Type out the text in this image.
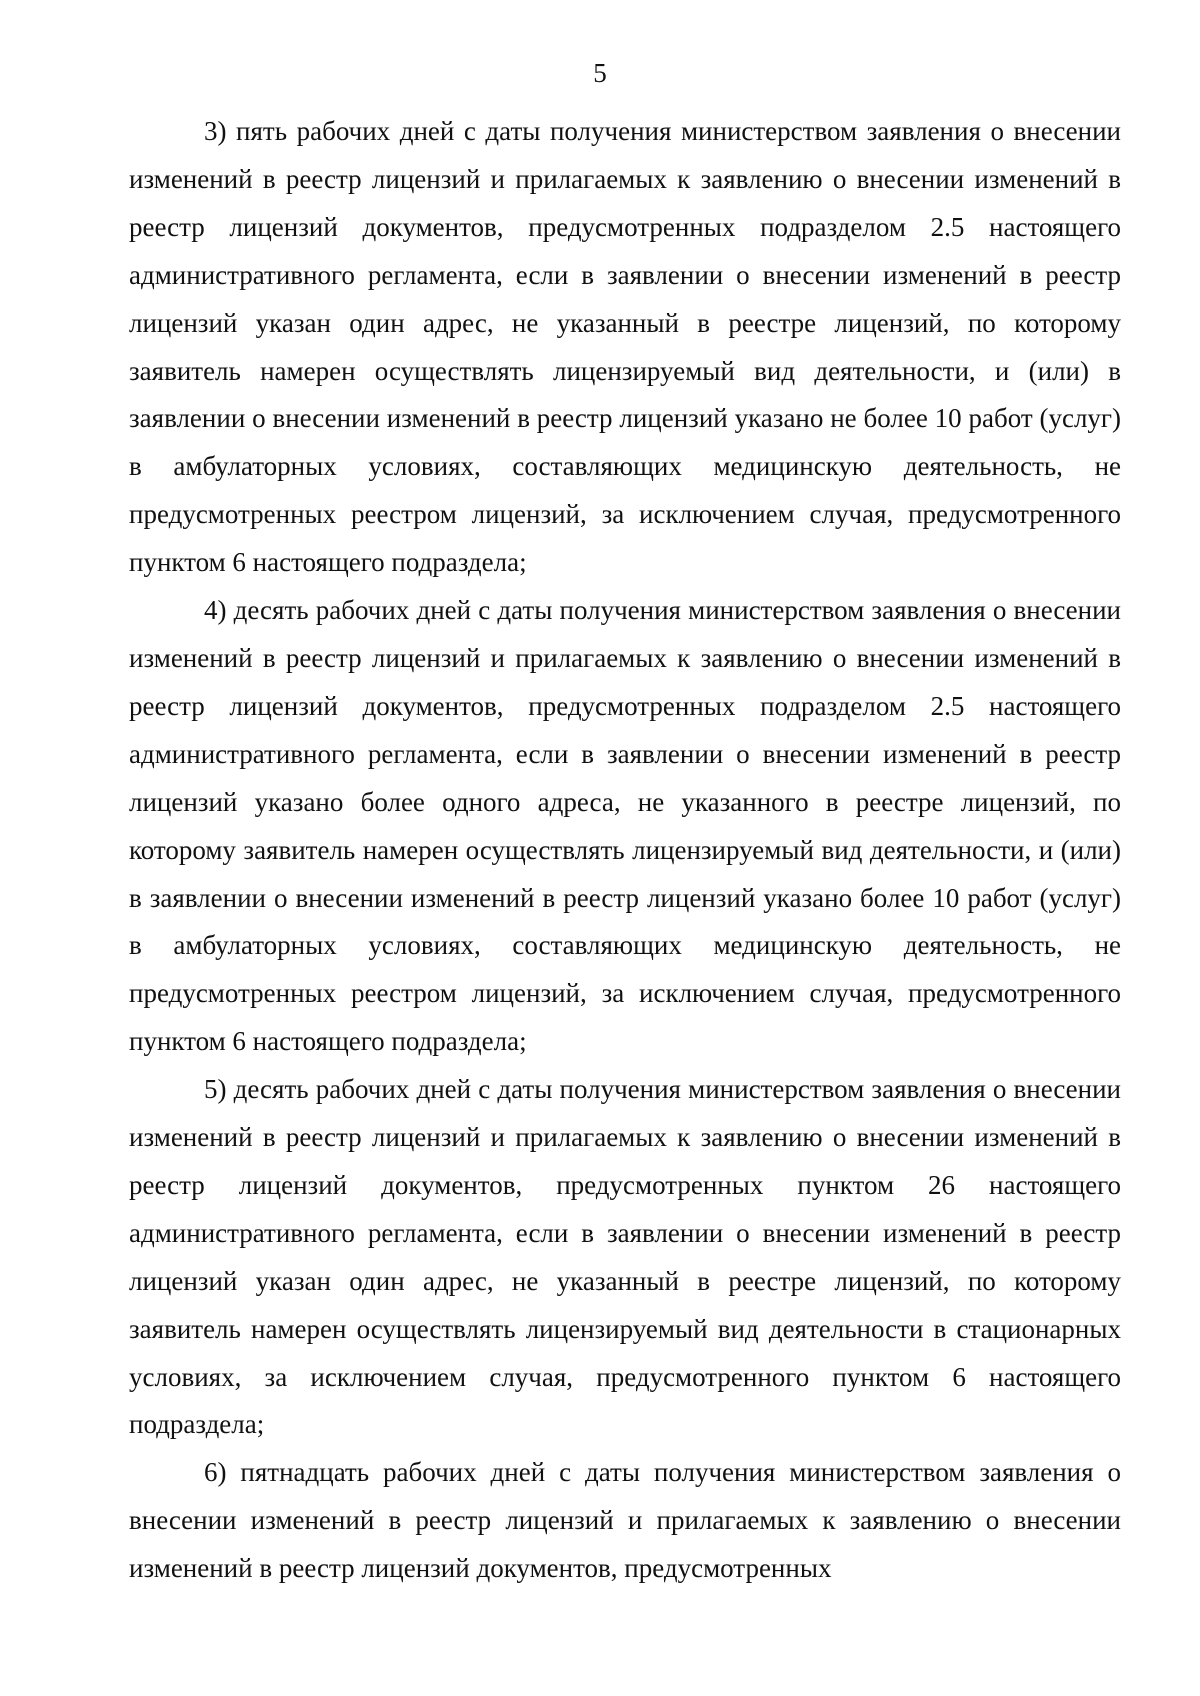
5

3) пять рабочих дней с даты получения министерством заявления о внесении изменений в реестр лицензий и прилагаемых к заявлению о внесении изменений в реестр лицензий документов, предусмотренных подразделом 2.5 настоящего административного регламента, если в заявлении о внесении изменений в реестр лицензий указан один адрес, не указанный в реестре лицензий, по которому заявитель намерен осуществлять лицензируемый вид деятельности, и (или) в заявлении о внесении изменений в реестр лицензий указано не более 10 работ (услуг) в амбулаторных условиях, составляющих медицинскую деятельность, не предусмотренных реестром лицензий, за исключением случая, предусмотренного пунктом 6 настоящего подраздела;

4) десять рабочих дней с даты получения министерством заявления о внесении изменений в реестр лицензий и прилагаемых к заявлению о внесении изменений в реестр лицензий документов, предусмотренных подразделом 2.5 настоящего административного регламента, если в заявлении о внесении изменений в реестр лицензий указано более одного адреса, не указанного в реестре лицензий, по которому заявитель намерен осуществлять лицензируемый вид деятельности, и (или) в заявлении о внесении изменений в реестр лицензий указано более 10 работ (услуг) в амбулаторных условиях, составляющих медицинскую деятельность, не предусмотренных реестром лицензий, за исключением случая, предусмотренного пунктом 6 настоящего подраздела;

5) десять рабочих дней с даты получения министерством заявления о внесении изменений в реестр лицензий и прилагаемых к заявлению о внесении изменений в реестр лицензий документов, предусмотренных пунктом 26 настоящего административного регламента, если в заявлении о внесении изменений в реестр лицензий указан один адрес, не указанный в реестре лицензий, по которому заявитель намерен осуществлять лицензируемый вид деятельности в стационарных условиях, за исключением случая, предусмотренного пунктом 6 настоящего подраздела;

6) пятнадцать рабочих дней с даты получения министерством заявления о внесении изменений в реестр лицензий и прилагаемых к заявлению о внесении изменений в реестр лицензий документов, предусмотренных
